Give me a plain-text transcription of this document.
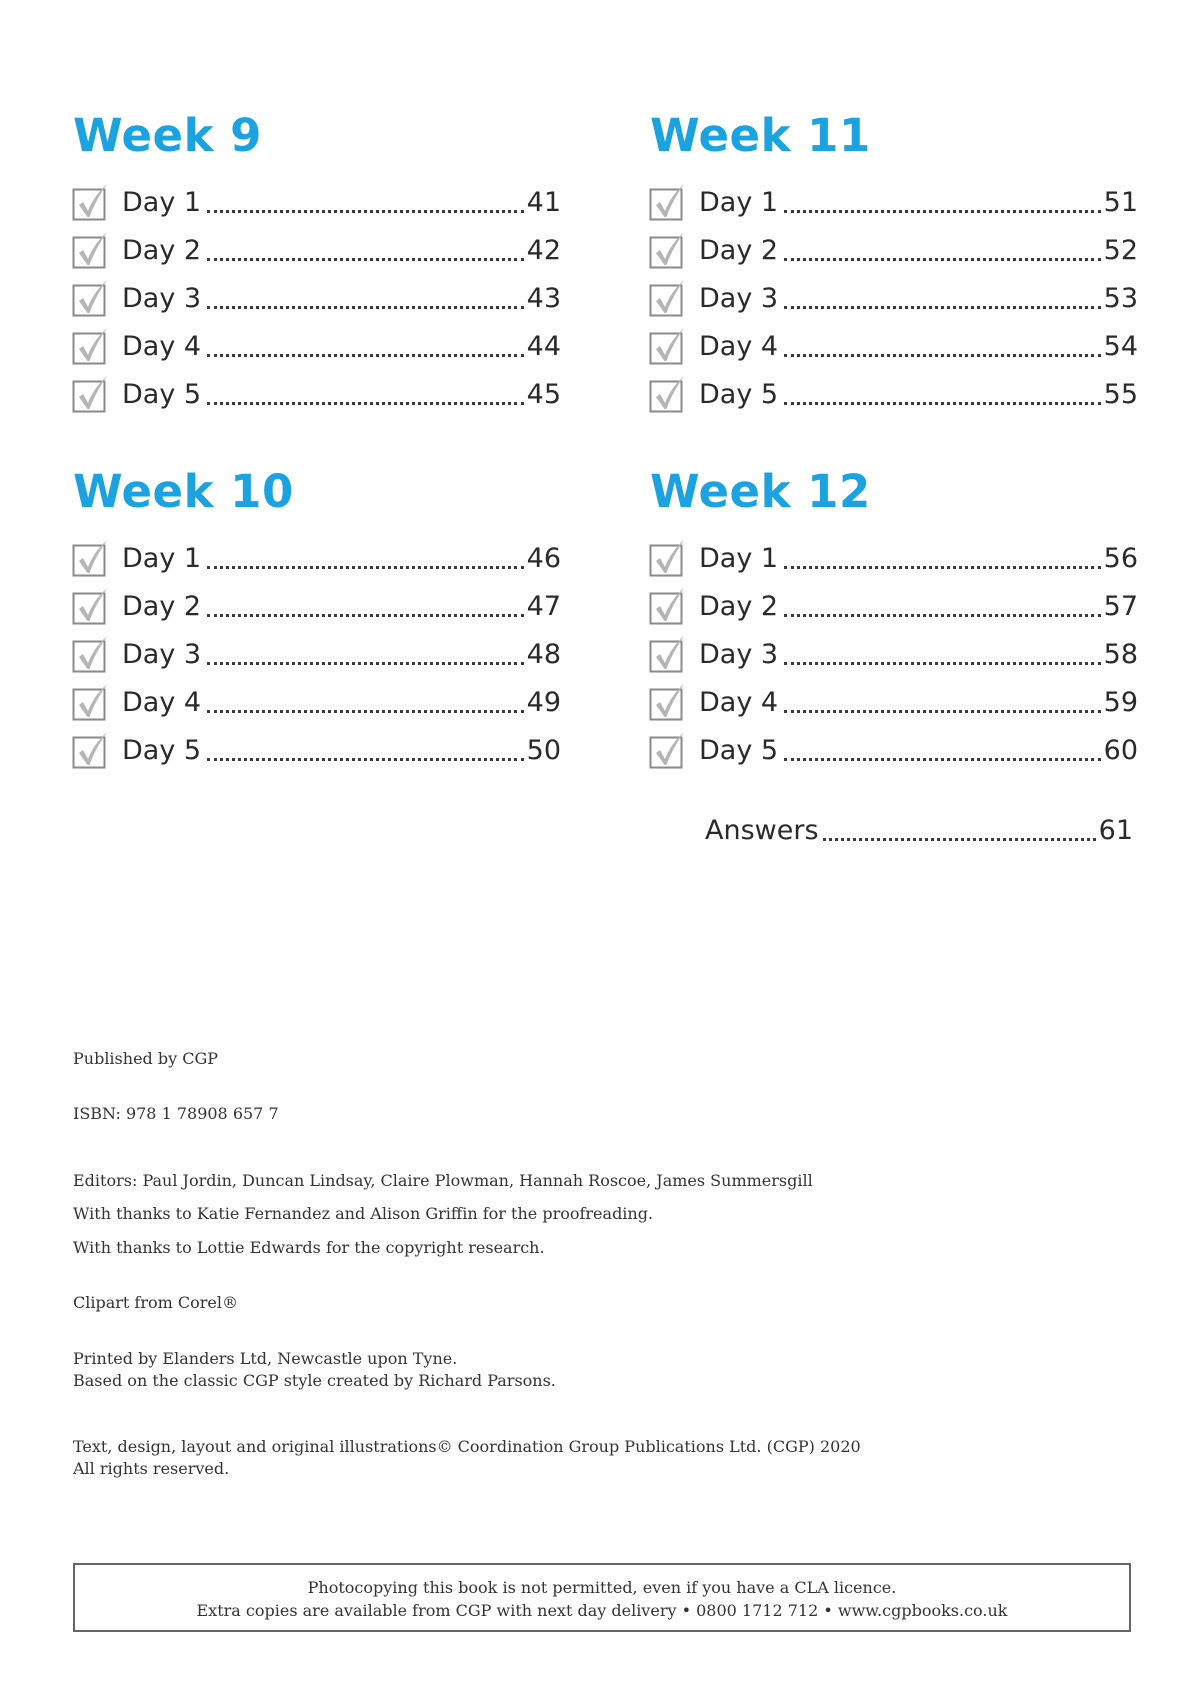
Week 9
Day 1	41
Day 2	42
Day 3	43
Day 4	44
Day 5	45
Week 11
Day 1	51
Day 2	52
Day 3	53
Day 4	54
Day 5	55
Week 10
Day 1	46
Day 2	47
Day 3	48
Day 4	49
Day 5	50
Week 12
Day 1	56
Day 2	57
Day 3	58
Day 4	59
Day 5	60
Answers	61
Published by CGP
ISBN: 978 1 78908 657 7
Editors: Paul Jordin, Duncan Lindsay, Claire Plowman, Hannah Roscoe, James Summersgill
With thanks to Katie Fernandez and Alison Griffin for the proofreading.
With thanks to Lottie Edwards for the copyright research.
Clipart from Corel®
Printed by Elanders Ltd, Newcastle upon Tyne.
Based on the classic CGP style created by Richard Parsons.
Text, design, layout and original illustrations© Coordination Group Publications Ltd. (CGP) 2020
All rights reserved.
Photocopying this book is not permitted, even if you have a CLA licence.
Extra copies are available from CGP with next day delivery • 0800 1712 712 • www.cgpbooks.co.uk
